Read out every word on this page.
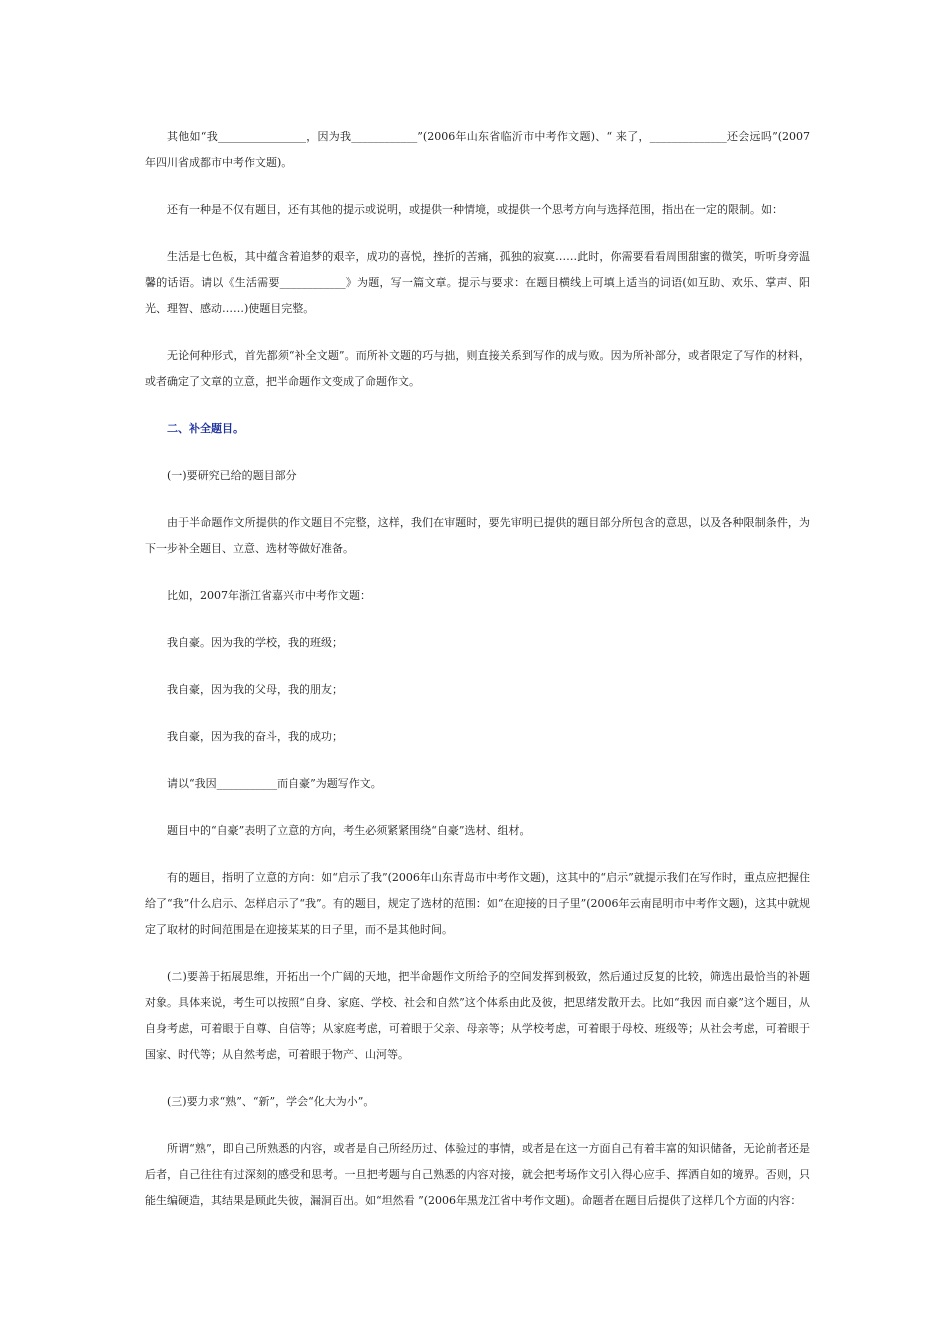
其他如“我________________，因为我____________”(2006年山东省临沂市中考作文题)、“ 来了，______________还会远吗”(2007年四川省成都市中考作文题)。

还有一种是不仅有题目，还有其他的提示或说明，或提供一种情境，或提供一个思考方向与选择范围，指出在一定的限制。如：

生活是七色板，其中蕴含着追梦的艰辛，成功的喜悦，挫折的苦痛，孤独的寂寞……此时，你需要看看周围甜蜜的微笑，听听身旁温馨的话语。请以《生活需要____________》为题，写一篇文章。提示与要求：在题目横线上可填上适当的词语(如互助、欢乐、掌声、阳光、理智、感动……)使题目完整。

无论何种形式，首先都须“补全文题”。而所补文题的巧与拙，则直接关系到写作的成与败。因为所补部分，或者限定了写作的材料，或者确定了文章的立意，把半命题作文变成了命题作文。

二、补全题目。

(一)要研究已给的题目部分

由于半命题作文所提供的作文题目不完整，这样，我们在审题时，要先审明已提供的题目部分所包含的意思，以及各种限制条件，为下一步补全题目、立意、选材等做好准备。

比如，2007年浙江省嘉兴市中考作文题：

我自豪。因为我的学校，我的班级；

我自豪，因为我的父母，我的朋友；

我自豪，因为我的奋斗，我的成功；

请以“我因___________而自豪”为题写作文。

题目中的“自豪”表明了立意的方向，考生必须紧紧围绕“自豪”选材、组材。

有的题目，指明了立意的方向：如“启示了我”(2006年山东青岛市中考作文题)，这其中的“启示”就提示我们在写作时，重点应把握住给了“我”什么启示、怎样启示了“我”。有的题目，规定了选材的范围：如“在迎接的日子里”(2006年云南昆明市中考作文题)，这其中就规定了取材的时间范围是在迎接某某的日子里，而不是其他时间。

(二)要善于拓展思维，开拓出一个广阔的天地，把半命题作文所给予的空间发挥到极致，然后通过反复的比较，筛选出最恰当的补题对象。具体来说，考生可以按照“自身、家庭、学校、社会和自然”这个体系由此及彼，把思绪发散开去。比如“我因 而自豪”这个题目，从自身考虑，可着眼于自尊、自信等；从家庭考虑，可着眼于父亲、母亲等；从学校考虑，可着眼于母校、班级等；从社会考虑，可着眼于国家、时代等；从自然考虑，可着眼于物产、山河等。

(三)要力求“熟”、“新”，学会“化大为小”。

所谓“熟”，即自己所熟悉的内容，或者是自己所经历过、体验过的事情，或者是在这一方面自己有着丰富的知识储备，无论前者还是后者，自己往往有过深刻的感受和思考。一旦把考题与自己熟悉的内容对接，就会把考场作文引入得心应手、挥洒自如的境界。否则，只能生编硬造，其结果是顾此失彼，漏洞百出。如“坦然看 ”(2006年黑龙江省中考作文题)。命题者在题目后提供了这样几个方面的内容：
